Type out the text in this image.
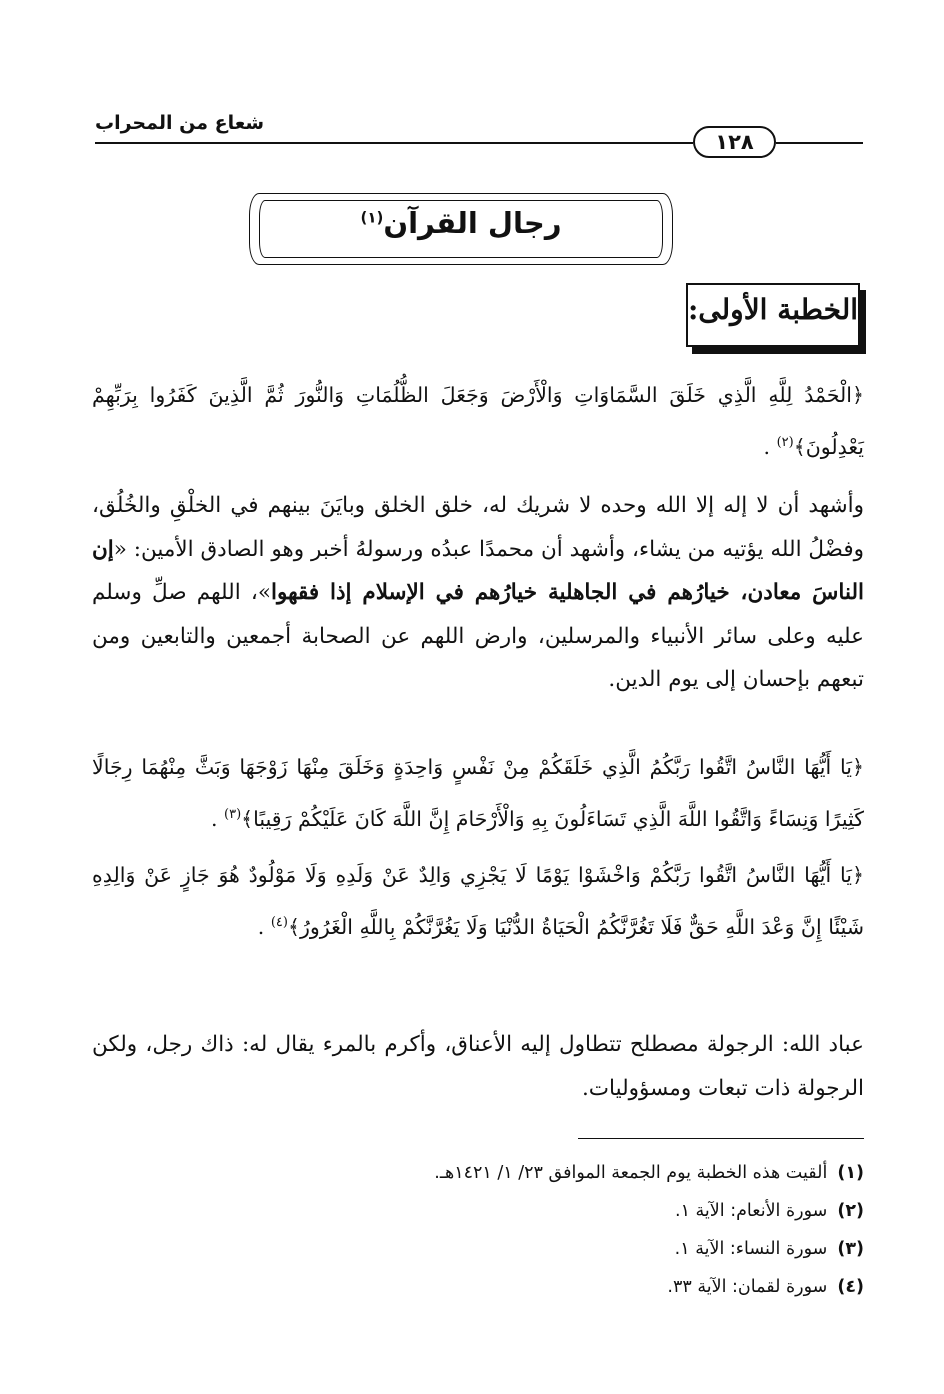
شعاع من المحراب
١٢٨
رجال القرآن$^{(١)}$
الخطبة الأولى:
﴿الْحَمْدُ لِلَّهِ الَّذِي خَلَقَ السَّمَاوَاتِ وَالْأَرْضَ وَجَعَلَ الظُّلُمَاتِ وَالنُّورَ ثُمَّ الَّذِينَ كَفَرُوا بِرَبِّهِمْ يَعْدِلُونَ﴾$^{(٢)}$ .
وأشهد أن لا إله إلا الله وحده لا شريك له، خلق الخلق وبايَنَ بينهم في الخلْقِ والخُلُق، وفضْلُ الله يؤتيه من يشاء، وأشهد أن محمدًا عبدُه ورسولهُ أخبر وهو الصادق الأمين: «إن الناسَ معادن، خيارُهم في الجاهلية خيارُهم في الإسلام إذا فقهوا»، اللهم صلِّ وسلم عليه وعلى سائر الأنبياء والمرسلين، وارض اللهم عن الصحابة أجمعين والتابعين ومن تبعهم بإحسان إلى يوم الدين.
﴿يَا أَيُّهَا النَّاسُ اتَّقُوا رَبَّكُمُ الَّذِي خَلَقَكُمْ مِنْ نَفْسٍ وَاحِدَةٍ وَخَلَقَ مِنْهَا زَوْجَهَا وَبَثَّ مِنْهُمَا رِجَالًا كَثِيرًا وَنِسَاءً وَاتَّقُوا اللَّهَ الَّذِي تَسَاءَلُونَ بِهِ وَالْأَرْحَامَ إِنَّ اللَّهَ كَانَ عَلَيْكُمْ رَقِيبًا﴾$^{(٣)}$ .
﴿يَا أَيُّهَا النَّاسُ اتَّقُوا رَبَّكُمْ وَاخْشَوْا يَوْمًا لَا يَجْزِي وَالِدٌ عَنْ وَلَدِهِ وَلَا مَوْلُودٌ هُوَ جَازٍ عَنْ وَالِدِهِ شَيْئًا إِنَّ وَعْدَ اللَّهِ حَقٌّ فَلَا تَغُرَّنَّكُمُ الْحَيَاةُ الدُّنْيَا وَلَا يَغُرَّنَّكُمْ بِاللَّهِ الْغَرُورُ﴾$^{(٤)}$ .
عباد الله: الرجولة مصطلح تتطاول إليه الأعناق، وأكرم بالمرء يقال له: ذاك رجل، ولكن الرجولة ذات تبعات ومسؤوليات.
(١)ألقيت هذه الخطبة يوم الجمعة الموافق ٢٣/ ١/ ١٤٢١هـ.
(٢)سورة الأنعام: الآية ١.
(٣)سورة النساء: الآية ١.
(٤)سورة لقمان: الآية ٣٣.
